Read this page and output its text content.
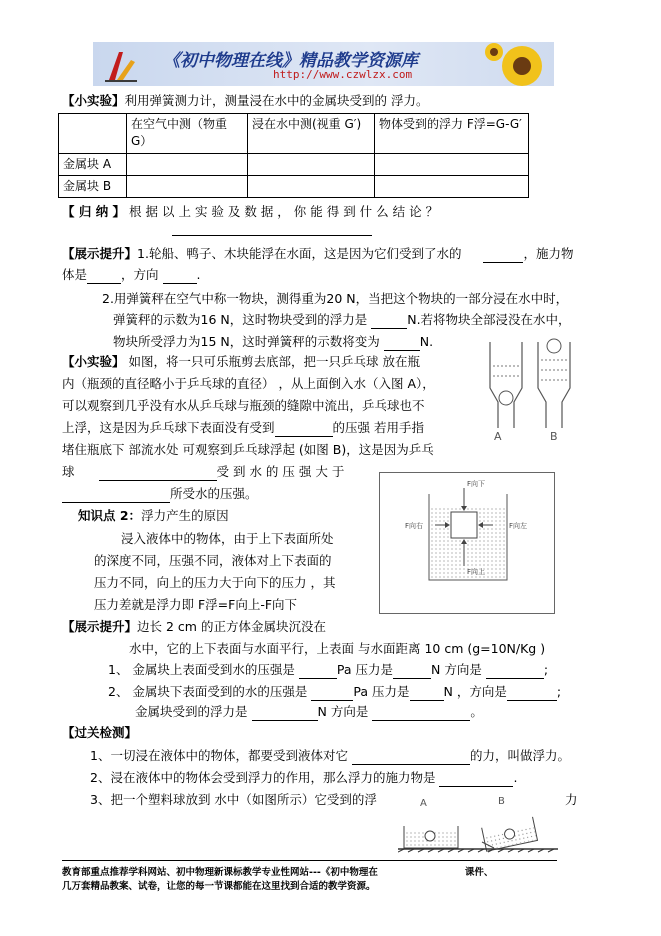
《初中物理在线》精品教学资源库
http://www.czwlzx.com
【小实验】利用弹簧测力计，测量浸在水中的金属块受到的 浮力。
	在空气中测（物重 G）	浸在水中测(视重 G′)	物体受到的浮力 F浮=G-G′
金属块 A			
金属块 B			
【 归 纳 】 根 据 以 上 实 验 及 数 据 ， 你 能 得 到 什 么 结 论 ？
【展示提升】1.轮船、鸭子、木块能浮在水面，这是因为它们受到了水的	，施力物
体是	，方向	.
2.用弹簧秤在空气中称一物块，测得重为20 N，当把这个物块的一部分浸在水中时，
弹簧秤的示数为16 N，这时物块受到的浮力是	N.若将物块全部浸没在水中，
物块所受浮力为15 N，这时弹簧秤的示数将变为	N.
【小实验】 如图，将一只可乐瓶剪去底部，把一只乒乓球 放在瓶
内（瓶颈的直径略小于乒乓球的直径） ，从上面倒入水（入图 A），
可以观察到几乎没有水从乒乓球与瓶颈的缝隙中流出，乒乓球也不
上浮，这是因为乒乓球下表面没有受到	的压强 若用手指
堵住瓶底下 部流水处 可观察到乒乓球浮起 (如图 B)，这是因为乒乓
球	受 到 水 的 压 强 大 于
所受水的压强。
A	B
知识点 2：浮力产生的原因
浸入液体中的物体，由于上下表面所处
的深度不同，压强不同，液体对上下表面的
压力不同，向上的压力大于向下的压力 ，其
压力差就是浮力即 F浮=F向上-F向下
F向下
F向上
F向右	F向左
【展示提升】边长 2 cm 的正方体金属块沉没在
水中，它的上下表面与水面平行，上表面 与水面距离 10 cm (g=10N/Kg )
1、 金属块上表面受到水的压强是	Pa 压力是	N 方向是	;
2、 金属块下表面受到的水的压强是	Pa 压力是	N ，方向是	;
金属块受到的浮力是	N 方向是	。
【过关检测】
1、一切浸在液体中的物体，都要受到液体对它	的力，叫做浮力。
2、浸在液体中的物体会受到浮力的作用，那么浮力的施力物是	.
3、把一个塑料球放到 水中（如图所示）它受到的浮	力
A	B
教育部重点推荐学科网站、初中物理新课标教学专业性网站---《初中物理在	课件、
几万套精品教案、试卷，让您的每一节课都能在这里找到合适的教学资源。
